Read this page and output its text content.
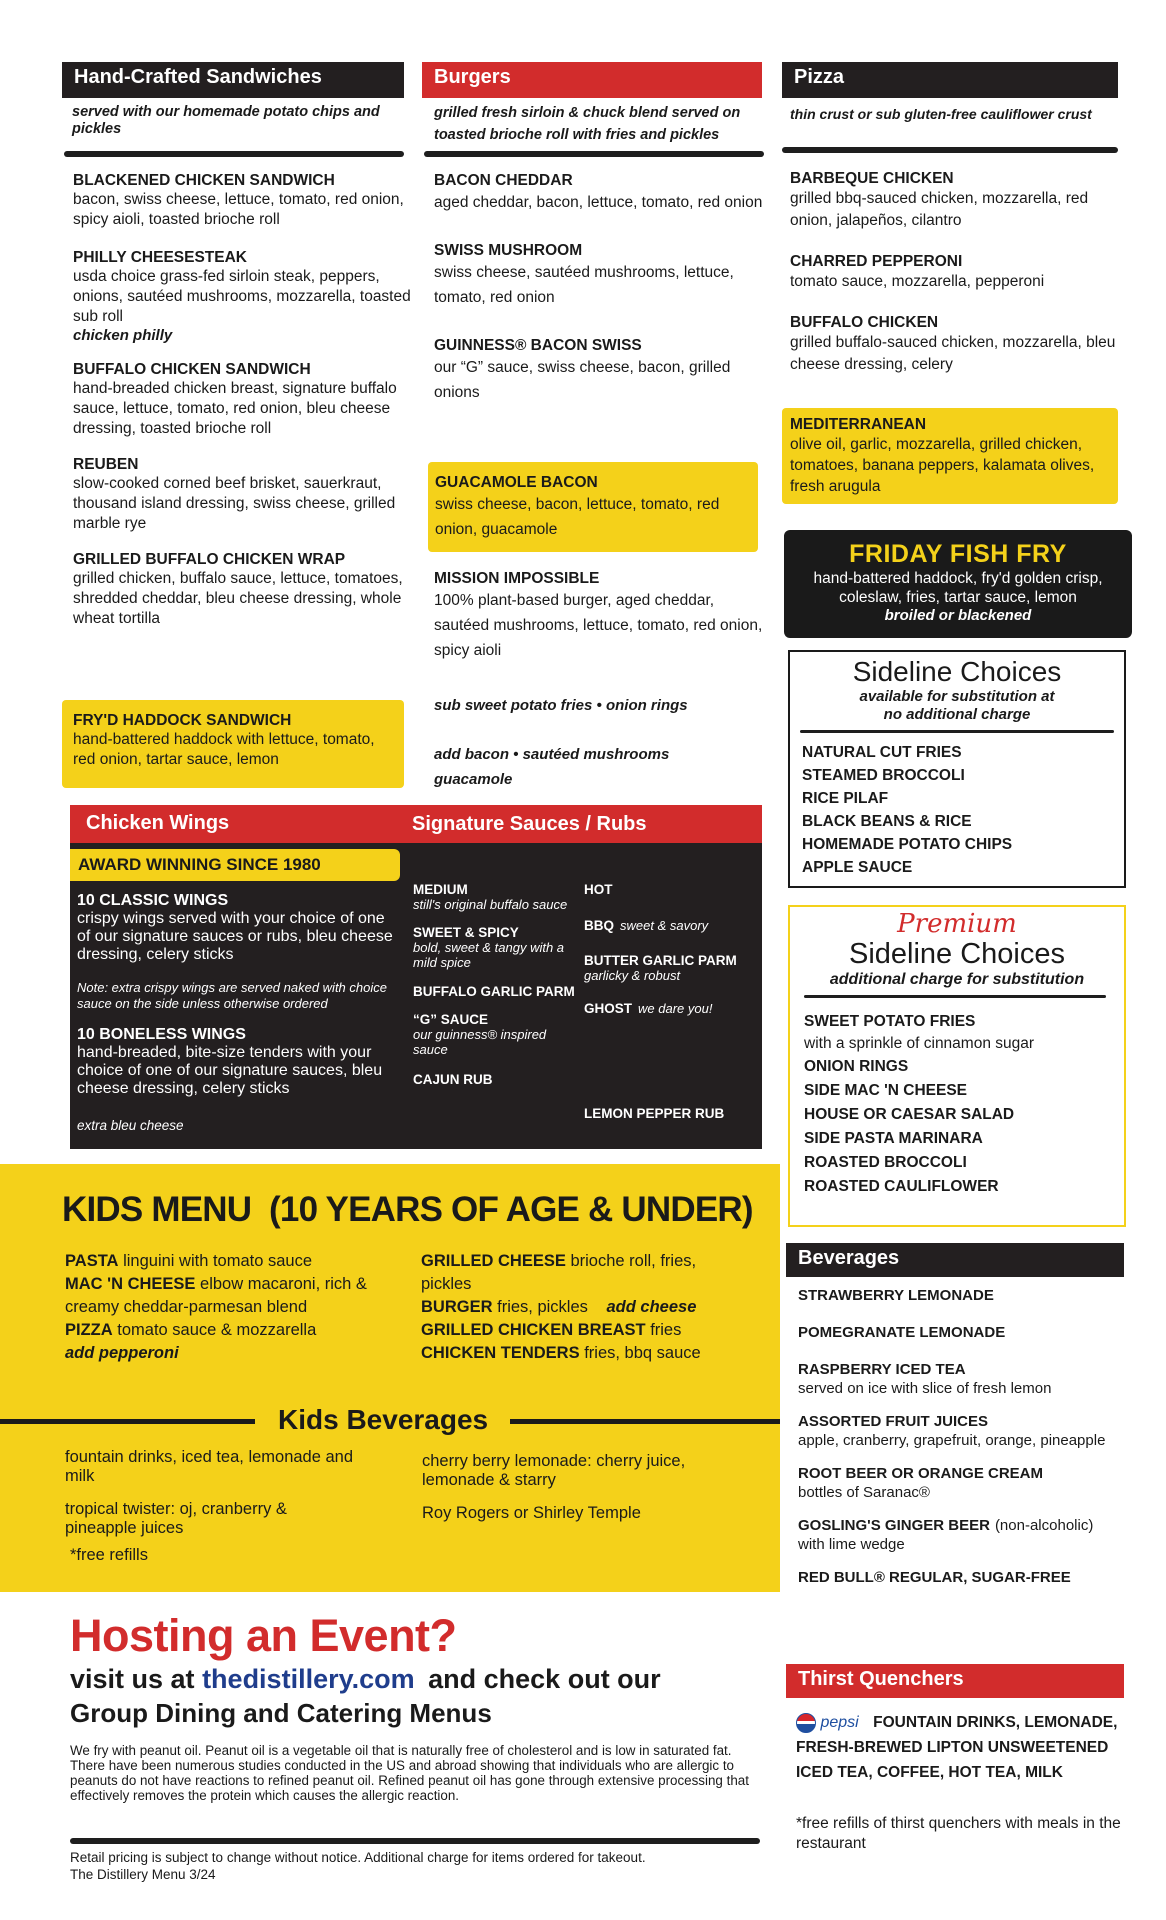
Hand-Crafted Sandwiches
served with our homemade potato chips and pickles
BLACKENED CHICKEN SANDWICH
bacon, swiss cheese, lettuce, tomato, red onion, spicy aioli, toasted brioche roll
PHILLY CHEESESTEAK
usda choice grass-fed sirloin steak, peppers, onions, sautéed mushrooms, mozzarella, toasted sub roll
chicken philly
BUFFALO CHICKEN SANDWICH
hand-breaded chicken breast, signature buffalo sauce, lettuce, tomato, red onion, bleu cheese dressing, toasted brioche roll
REUBEN
slow-cooked corned beef brisket, sauerkraut, thousand island dressing, swiss cheese, grilled marble rye
GRILLED BUFFALO CHICKEN WRAP
grilled chicken, buffalo sauce, lettuce, tomatoes, shredded cheddar, bleu cheese dressing, whole wheat tortilla
FRY'D HADDOCK SANDWICH
hand-battered haddock with lettuce, tomato, red onion, tartar sauce, lemon
Burgers
grilled fresh sirloin & chuck blend served on toasted brioche roll with fries and pickles
BACON CHEDDAR
aged cheddar, bacon, lettuce, tomato, red onion
SWISS MUSHROOM
swiss cheese, sautéed mushrooms, lettuce, tomato, red onion
GUINNESS® BACON SWISS
our “G” sauce, swiss cheese, bacon, grilled onions
GUACAMOLE BACON
swiss cheese, bacon, lettuce, tomato, red onion, guacamole
MISSION IMPOSSIBLE
100% plant-based burger, aged cheddar, sautéed mushrooms, lettuce, tomato, red onion, spicy aioli
sub sweet potato fries • onion rings
add bacon • sautéed mushrooms
guacamole
Pizza
thin crust or sub gluten-free cauliflower crust
BARBEQUE CHICKEN
grilled bbq-sauced chicken, mozzarella, red onion, jalapeños, cilantro
CHARRED PEPPERONI
tomato sauce, mozzarella, pepperoni
BUFFALO CHICKEN
grilled buffalo-sauced chicken, mozzarella, bleu cheese dressing, celery
MEDITERRANEAN
olive oil, garlic, mozzarella, grilled chicken, tomatoes, banana peppers, kalamata olives, fresh arugula
FRIDAY FISH FRY
hand-battered haddock, fry'd golden crisp, coleslaw, fries, tartar sauce, lemon
broiled or blackened
Sideline Choices
available for substitution at no additional charge
NATURAL CUT FRIES
STEAMED BROCCOLI
RICE PILAF
BLACK BEANS & RICE
HOMEMADE POTATO CHIPS
APPLE SAUCE
Premium
Sideline Choices
additional charge for substitution
SWEET POTATO FRIES
with a sprinkle of cinnamon sugar
ONION RINGS
SIDE MAC 'N CHEESE
HOUSE OR CAESAR SALAD
SIDE PASTA MARINARA
ROASTED BROCCOLI
ROASTED CAULIFLOWER
Chicken Wings	Signature Sauces / Rubs
AWARD WINNING SINCE 1980
10 CLASSIC WINGS
crispy wings served with your choice of one of our signature sauces or rubs, bleu cheese dressing, celery sticks
Note: extra crispy wings are served naked with choice sauce on the side unless otherwise ordered
10 BONELESS WINGS
hand-breaded, bite-size tenders with your choice of one of our signature sauces, bleu cheese dressing, celery sticks
extra bleu cheese
MEDIUM
still's original buffalo sauce
SWEET & SPICY
bold, sweet & tangy with a mild spice
BUFFALO GARLIC PARM
“G” SAUCE
our guinness® inspired sauce
CAJUN RUB
HOT
BBQ sweet & savory
BUTTER GARLIC PARM
garlicky & robust
GHOST we dare you!
LEMON PEPPER RUB
KIDS MENU  (10 YEARS OF AGE & UNDER)
PASTA linguini with tomato sauce
MAC 'N CHEESE elbow macaroni, rich & creamy cheddar-parmesan blend
PIZZA tomato sauce & mozzarella
add pepperoni
GRILLED CHEESE brioche roll, fries, pickles
BURGER fries, pickles add cheese
GRILLED CHICKEN BREAST fries
CHICKEN TENDERS fries, bbq sauce
Kids Beverages
fountain drinks, iced tea, lemonade and milk
tropical twister: oj, cranberry & pineapple juices
*free refills
cherry berry lemonade: cherry juice, lemonade & starry
Roy Rogers or Shirley Temple
Beverages
STRAWBERRY LEMONADE
POMEGRANATE LEMONADE
RASPBERRY ICED TEA
served on ice with slice of fresh lemon
ASSORTED FRUIT JUICES
apple, cranberry, grapefruit, orange, pineapple
ROOT BEER OR ORANGE CREAM
bottles of Saranac®
GOSLING'S GINGER BEER (non-alcoholic)
with lime wedge
RED BULL® REGULAR, SUGAR-FREE
Thirst Quenchers
pepsi FOUNTAIN DRINKS, LEMONADE, FRESH-BREWED LIPTON UNSWEETENED ICED TEA, COFFEE, HOT TEA, MILK
*free refills of thirst quenchers with meals in the restaurant
Hosting an Event?
visit us at thedistillery.com and check out our
Group Dining and Catering Menus
We fry with peanut oil. Peanut oil is a vegetable oil that is naturally free of cholesterol and is low in saturated fat. There have been numerous studies conducted in the US and abroad showing that individuals who are allergic to peanuts do not have reactions to refined peanut oil. Refined peanut oil has gone through extensive processing that effectively removes the protein which causes the allergic reaction.
Retail pricing is subject to change without notice. Additional charge for items ordered for takeout.
The Distillery Menu 3/24
